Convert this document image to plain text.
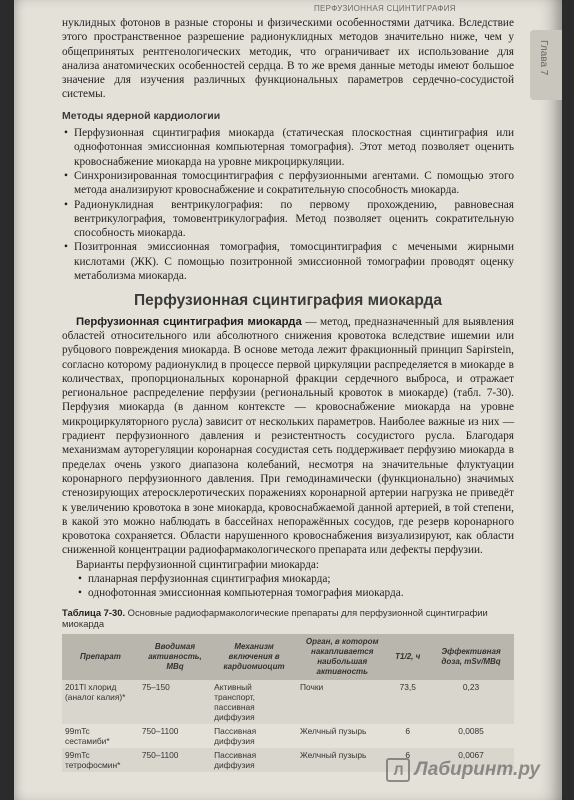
ПЕРФУЗИОННАЯ СЦИНТИГРАФИЯ
Глава 7

нуклидных фотонов в разные стороны и физическими особенностями датчика. Вследствие этого пространственное разрешение радионуклидных методов значительно ниже, чем у общепринятых рентгенологических методик, что ограничивает их использование для анализа анатомических особенностей сердца. В то же время данные методы имеют большое значение для изучения различных функциональных параметров сердечно-сосудистой системы.

Методы ядерной кардиологии
• Перфузионная сцинтиграфия миокарда (статическая плоскостная сцинтиграфия или однофотонная эмиссионная компьютерная томография). Этот метод позволяет оценить кровоснабжение миокарда на уровне микроциркуляции.
• Синхронизированная томосцинтиграфия с перфузионными агентами. С помощью этого метода анализируют кровоснабжение и сократительную способность миокарда.
• Радионуклидная вентрикулография: по первому прохождению, равновесная вентрикулография, томовентрикулография. Метод позволяет оценить сократительную способность миокарда.
• Позитронная эмиссионная томография, томосцинтиграфия с мечеными жирными кислотами (ЖК). С помощью позитронной эмиссионной томографии проводят оценку метаболизма миокарда.
Перфузионная сцинтиграфия миокарда

Перфузионная сцинтиграфия миокарда — метод, предназначенный для выявления областей относительного или абсолютного снижения кровотока вследствие ишемии или рубцового повреждения миокарда. В основе метода лежит фракционный принцип Sapirstein, согласно которому радионуклид в процессе первой циркуляции распределяется в миокарде в количествах, пропорциональных коронарной фракции сердечного выброса, и отражает региональное распределение перфузии (региональный кровоток в миокарде) (табл. 7-30). Перфузия миокарда (в данном контексте — кровоснабжение миокарда на уровне микроциркуляторного русла) зависит от нескольких параметров. Наиболее важные из них — градиент перфузионного давления и резистентность сосудистого русла. Благодаря механизмам ауторегуляции коронарная сосудистая сеть поддерживает перфузию миокарда в пределах очень узкого диапазона колебаний, несмотря на значительные флуктуации коронарного перфузионного давления. При гемодинамически (функционально) значимых стенозирующих атеросклеротических поражениях коронарной артерии нагрузка не приведёт к увеличению кровотока в зоне миокарда, кровоснабжаемой данной артерией, в той степени, в какой это можно наблюдать в бассейнах непоражённых сосудов, где резерв коронарного кровотока сохраняется. Области нарушенного кровоснабжения визуализируют, как области сниженной концентрации радиофармакологического препарата или дефекты перфузии.

Варианты перфузионной сцинтиграфии миокарда:

• планарная перфузионная сцинтиграфия миокарда;
• однофотонная эмиссионная компьютерная томография миокарда.
Таблица 7-30. Основные радиофармакологические препараты для перфузионной сцинтиграфии миокарда
Препарат	Вводимая активность, MBq	Механизм включения в кардиомиоцит	Орган, в котором накапливается наибольшая активность	T1/2, ч	Эффективная доза, mSv/MBq
201Tl хлорид (аналог калия)*	75–150	Активный транспорт, пассивная диффузия	Почки	73,5	0,23
99mTc сестамиби*	750–1100	Пассивная диффузия	Желчный пузырь	6	0,0085
99mTc тетрофосмин*	750–1100	Пассивная диффузия	Желчный пузырь	6	0,0067
Л Лабиринт.ру
